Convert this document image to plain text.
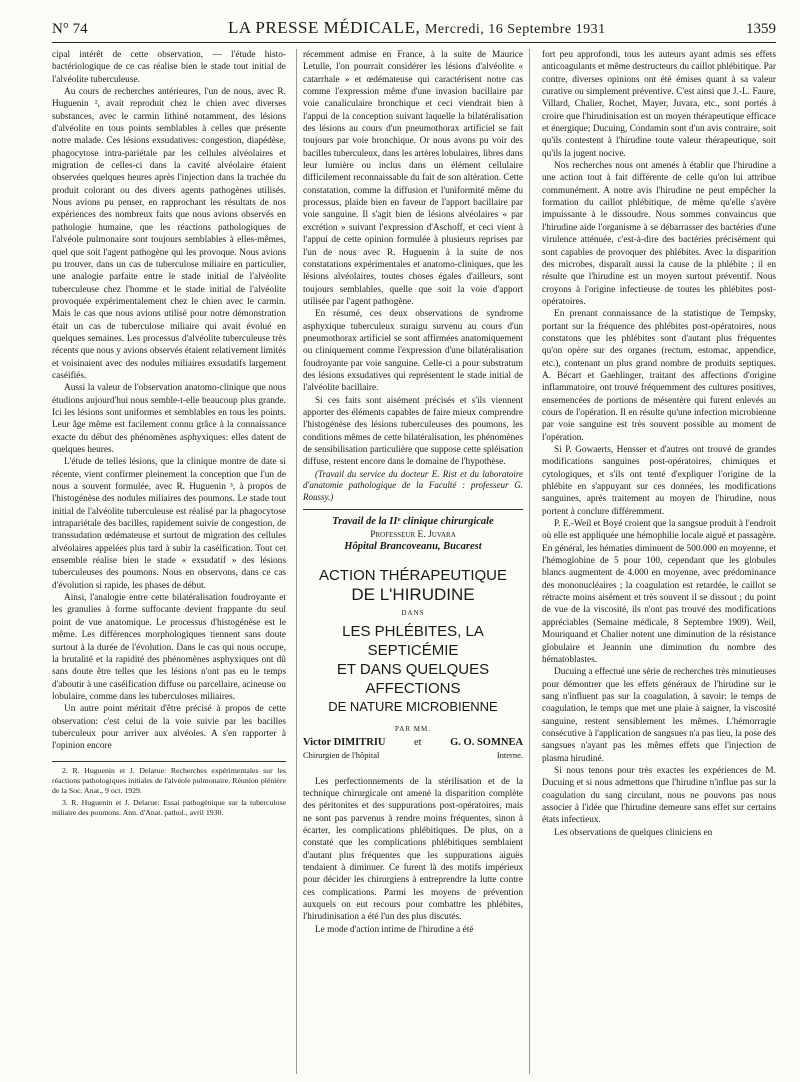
N° 74	LA PRESSE MÉDICALE, Mercredi, 16 Septembre 1931	1359

cipal intérêt de cette observation, — l'étude histo-bactériologique de ce cas réalise bien le stade tout initial de l'alvéolite tuberculeuse.

Au cours de recherches antérieures, l'un de nous, avec R. Huguenin ², avait reproduit chez le chien avec diverses substances, avec le carmin lithiné notamment, des lésions d'alvéolite en tous points semblables à celles que présente notre malade. Ces lésions exsudatives: congestion, diapédèse, phagocytose intra-pariétale par les cellules alvéolaires et migration de celles-ci dans la cavité alvéolaire étaient observées quelques heures après l'injection dans la trachée du produit colorant ou des divers agents pathogènes utilisés. Nous avions pu penser, en rapprochant les résultats de nos expériences des nombreux faits que nous avions observés en pathologie humaine, que les réactions pathologiques de l'alvéole pulmonaire sont toujours semblables à elles-mêmes, quel que soit l'agent pathogène qui les provoque. Nous avions pu trouver, dans un cas de tuberculose miliaire en particulier, une analogie parfaite entre le stade initial de l'alvéolite tuberculeuse chez l'homme et le stade initial de l'alvéolite provoquée expérimentalement chez le chien avec le carmin. Mais le cas que nous avions utilisé pour notre démonstration était un cas de tuberculose miliaire qui avait évolué en quelques semaines. Les processus d'alvéolite tuberculeuse très récents que nous y avions observés étaient relativement limités et voisinaient avec des nodules miliaires exsudatifs largement caséifiés.

Aussi la valeur de l'observation anatomo-clinique que nous étudions aujourd'hui nous semble-t-elle beaucoup plus grande. Ici les lésions sont uniformes et semblables en tous les points. Leur âge même est facilement connu grâce à la connaissance exacte du début des phénomènes asphyxiques: elles datent de quelques heures.

L'étude de telles lésions, que la clinique montre de date si récente, vient confirmer pleinement la conception que l'un de nous a souvent formulée, avec R. Huguenin ³, à propos de l'histogénèse des nodules miliaires des poumons. Le stade tout initial de l'alvéolite tuberculeuse est réalisé par la phagocytose intrapariétale des bacilles, rapidement suivie de congestion, de transsudation œdémateuse et surtout de migration des cellules alvéolaires appelées plus tard à subir la caséification. Tout cet ensemble réalise bien le stade « exsudatif » des lésions tuberculeuses des poumons. Nous en observons, dans ce cas d'évolution si rapide, les phases de début.

Ainsi, l'analogie entre cette bilatéralisation foudroyante et les granulies à forme suffocante devient frappante du seul point de vue anatomique. Le processus d'histogénèse est le même. Les différences morphologiques tiennent sans doute surtout à la durée de l'évolution. Dans le cas qui nous occupe, la brutalité et la rapidité des phénomènes asphyxiques ont dû sans doute être telles que les lésions n'ont pas eu le temps d'aboutir à une caséification diffuse ou parcellaire, acineuse ou lobulaire, comme dans les tuberculoses miliaires.

Un autre point méritait d'être précisé à propos de cette observation: c'est celui de la voie suivie par les bacilles tuberculeux pour arriver aux alvéoles. A s'en rapporter à l'opinion encore

2. R. Huguenin et J. Delarue: Recherches expérimentales sur les réactions pathologiques initiales de l'alvéole pulmonaire. Réunion plénière de la Soc. Anat., 9 oct. 1929.

3. R. Huguenin et J. Delarue: Essai pathogénique sur la tuberculose miliaire des poumons. Ann. d'Anat. pathol., avril 1930.

récemment admise en France, à la suite de Maurice Letulle, l'on pourrait considérer les lésions d'alvéolite « catarrhale » et œdémateuse qui caractérisent notre cas comme l'expression même d'une invasion bacillaire par voie canaliculaire bronchique et ceci viendrait bien à l'appui de la conception suivant laquelle la bilatéralisation des lésions au cours d'un pneumothorax artificiel se fait toujours par voie bronchique. Or nous avons pu voir des bacilles tuberculeux, dans les artères lobulaires, libres dans leur lumière ou inclus dans un élément cellulaire difficilement reconnaissable du fait de son altération. Cette constatation, comme la diffusion et l'uniformité même du processus, plaide bien en faveur de l'apport bacillaire par voie sanguine. Il s'agit bien de lésions alvéolaires « par excrétion » suivant l'expression d'Aschoff, et ceci vient à l'appui de cette opinion formulée à plusieurs reprises par l'un de nous avec R. Huguenin à la suite de nos constatations expérimentales et anatomo-cliniques, que les lésions alvéolaires, toutes choses égales d'ailleurs, sont toujours semblables, quelle que soit la voie d'apport utilisée par l'agent pathogène.

En résumé, ces deux observations de syndrome asphyxique tuberculeux suraigu survenu au cours d'un pneumothorax artificiel se sont affirmées anatomiquement ou cliniquement comme l'expression d'une bilatéralisation foudroyante par voie sanguine. Celle-ci a pour substratum des lésions exsudatives qui représentent le stade initial de l'alvéolite bacillaire.

Si ces faits sont aisément précisés et s'ils viennent apporter des éléments capables de faire mieux comprendre l'histogénèse des lésions tuberculeuses des poumons, les conditions mêmes de cette bilatéralisation, les phénomènes de sensibilisation particulière que suppose cette spléisation diffuse, restent encore dans le domaine de l'hypothèse.

(Travail du service du docteur E. Rist et du laboratoire d'anatomie pathologique de la Faculté : professeur G. Roussy.)

Travail de la IIᵉ clinique chirurgicale
Professeur E. Juvara
Hôpital Brancoveanu, Bucarest
ACTION THÉRAPEUTIQUE
DE L'HIRUDINE
DANS
LES PHLÉBITES, LA SEPTICÉMIE
ET DANS QUELQUES AFFECTIONS
DE NATURE MICROBIENNE
PAR MM.
Victor DIMITRIU	et	G. O. SOMNEA
Chirurgien de l'hôpital	Interne.

Les perfectionnements de la stérilisation et de la technique chirurgicale ont amené la disparition complète des péritonites et des suppurations post-opératoires, mais ne sont pas parvenus à rendre moins fréquentes, sinon à écarter, les complications phlébitiques. De plus, on a constaté que les complications phlébitiques semblaient d'autant plus fréquentes que les suppurations aiguës tendaient à diminuer. Ce furent là des motifs impérieux pour décider les chirurgiens à entreprendre la lutte contre ces complications. Parmi les moyens de prévention auxquels on eut recours pour combattre les phlébites, l'hirudinisation a été l'un des plus discutés.

Le mode d'action intime de l'hirudine a été

fort peu approfondi, tous les auteurs ayant admis ses effets anticoagulants et même destructeurs du caillot phlébitique. Par contre, diverses opinions ont été émises quant à sa valeur curative ou simplement préventive. C'est ainsi que J.-L. Faure, Villard, Chalier, Rochet, Mayer, Juvara, etc., sont portés à croire que l'hirudinisation est un moyen thérapeutique efficace et énergique; Ducuing, Condamin sont d'un avis contraire, soit qu'ils contestent à l'hirudine toute valeur thérapeutique, soit qu'ils la jugent nocive.

Nos recherches nous ont amenés à établir que l'hirudine a une action tout à fait différente de celle qu'on lui attribue communément. A notre avis l'hirudine ne peut empêcher la formation du caillot phlébitique, de même qu'elle s'avère impuissante à le dissoudre. Nous sommes convaincus que l'hirudine aide l'organisme à se débarrasser des bactéries d'une virulence atténuée, c'est-à-dire des bactéries précisément qui sont capables de provoquer des phlébites. Avec la disparition des microbes, disparaît aussi la cause de la phlébite ; il en résulte que l'hirudine est un moyen surtout préventif. Nous croyons à l'origine infectieuse de toutes les phlébites post-opératoires.

En prenant connaissance de la statistique de Tempsky, portant sur la fréquence des phlébites post-opératoires, nous constatons que les phlébites sont d'autant plus fréquentes qu'on opère sur des organes (rectum, estomac, appendice, etc.), contenant un plus grand nombre de produits septiques. A. Bécart et Gaehlinger, traitant des affections d'origine inflammatoire, ont trouvé fréquemment des cultures positives, ensemencées de portions de mésentère qui furent enlevés au cours de l'opération. Il en résulte qu'une infection microbienne par voie sanguine est très souvent possible au moment de l'opération.

Si P. Gowaerts, Hensser et d'autres ont trouvé de grandes modifications sanguines post-opératoires, chimiques et cytologiques, et s'ils ont tenté d'expliquer l'origine de la phlébite en s'appuyant sur ces données, les modifications sanguines, après traitement au moyen de l'hirudine, nous portent à conclure différemment.

P. E.-Weil et Boyé croient que la sangsue produit à l'endroit où elle est appliquée une hémophilie locale aiguë et passagère. En général, les hématies diminuent de 500.000 en moyenne, et l'hémoglobine de 5 pour 100, cependant que les globules blancs augmentent de 4.000 en moyenne, avec prédominance des mononucléaires ; la coagulation est retardée, le caillot se rétracte moins aisément et très souvent il se dissout ; du point de vue de la viscosité, ils n'ont pas trouvé des modifications appréciables (Semaine médicale, 8 Septembre 1909). Weil, Mouriquand et Chalier notent une diminution de la résistance globulaire et Jeannin une diminution du nombre des hématoblastes.

Ducuing a effectué une série de recherches très minutieuses pour démontrer que les effets généraux de l'hirudine sur le sang n'influent pas sur la coagulation, à savoir: le temps de coagulation, le temps que met une plaie à saigner, la viscosité sanguine, restent sensiblement les mêmes. L'hémorragie consécutive à l'application de sangsues n'a pas lieu, la pose des sangsues n'ayant pas les mêmes effets que l'injection de plasma hirudiné.

Si nous tenons pour très exactes les expériences de M. Ducuing et si nous admettons que l'hirudine n'influe pas sur la coagulation du sang circulant, nous ne pouvons pas nous associer à l'idée que l'hirudine demeure sans effet sur certains états infectieux.

Les observations de quelques cliniciens en
